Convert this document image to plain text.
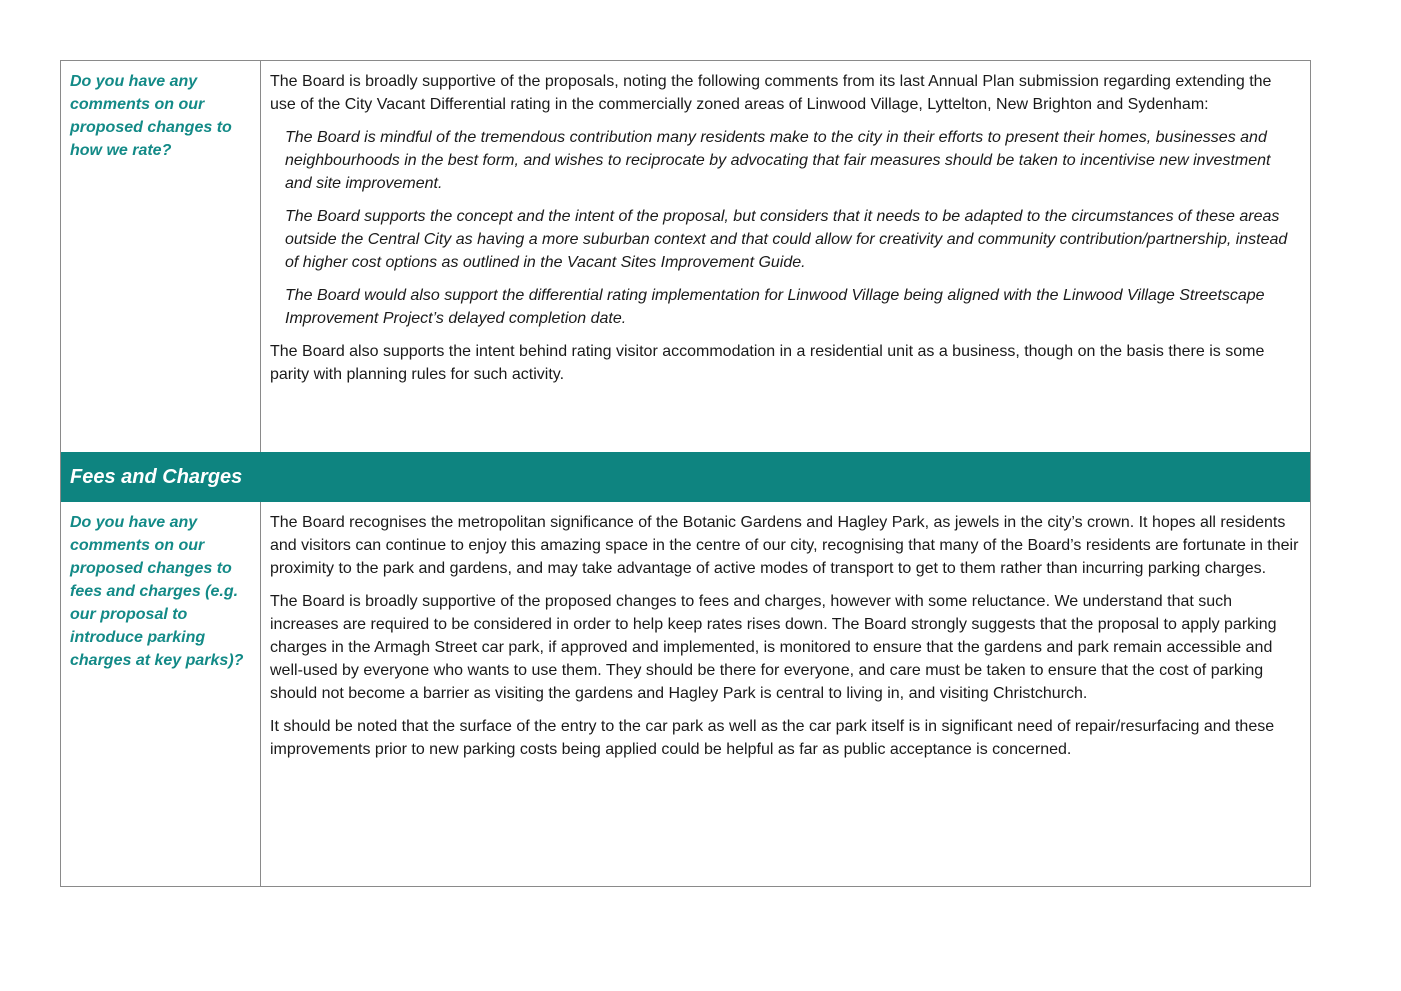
Do you have any comments on our proposed changes to how we rate?

The Board is broadly supportive of the proposals, noting the following comments from its last Annual Plan submission regarding extending the use of the City Vacant Differential rating in the commercially zoned areas of Linwood Village, Lyttelton, New Brighton and Sydenham:

The Board is mindful of the tremendous contribution many residents make to the city in their efforts to present their homes, businesses and neighbourhoods in the best form, and wishes to reciprocate by advocating that fair measures should be taken to incentivise new investment and site improvement.

The Board supports the concept and the intent of the proposal, but considers that it needs to be adapted to the circumstances of these areas outside the Central City as having a more suburban context and that could allow for creativity and community contribution/partnership, instead of higher cost options as outlined in the Vacant Sites Improvement Guide.

The Board would also support the differential rating implementation for Linwood Village being aligned with the Linwood Village Streetscape Improvement Project’s delayed completion date.

The Board also supports the intent behind rating visitor accommodation in a residential unit as a business, though on the basis there is some parity with planning rules for such activity.

Fees and Charges
Do you have any comments on our proposed changes to fees and charges (e.g. our proposal to introduce parking charges at key parks)?

The Board recognises the metropolitan significance of the Botanic Gardens and Hagley Park, as jewels in the city’s crown. It hopes all residents and visitors can continue to enjoy this amazing space in the centre of our city, recognising that many of the Board’s residents are fortunate in their proximity to the park and gardens, and may take advantage of active modes of transport to get to them rather than incurring parking charges.

The Board is broadly supportive of the proposed changes to fees and charges, however with some reluctance. We understand that such increases are required to be considered in order to help keep rates rises down. The Board strongly suggests that the proposal to apply parking charges in the Armagh Street car park, if approved and implemented, is monitored to ensure that the gardens and park remain accessible and well-used by everyone who wants to use them. They should be there for everyone, and care must be taken to ensure that the cost of parking should not become a barrier as visiting the gardens and Hagley Park is central to living in, and visiting Christchurch.

It should be noted that the surface of the entry to the car park as well as the car park itself is in significant need of repair/resurfacing and these improvements prior to new parking costs being applied could be helpful as far as public acceptance is concerned.
